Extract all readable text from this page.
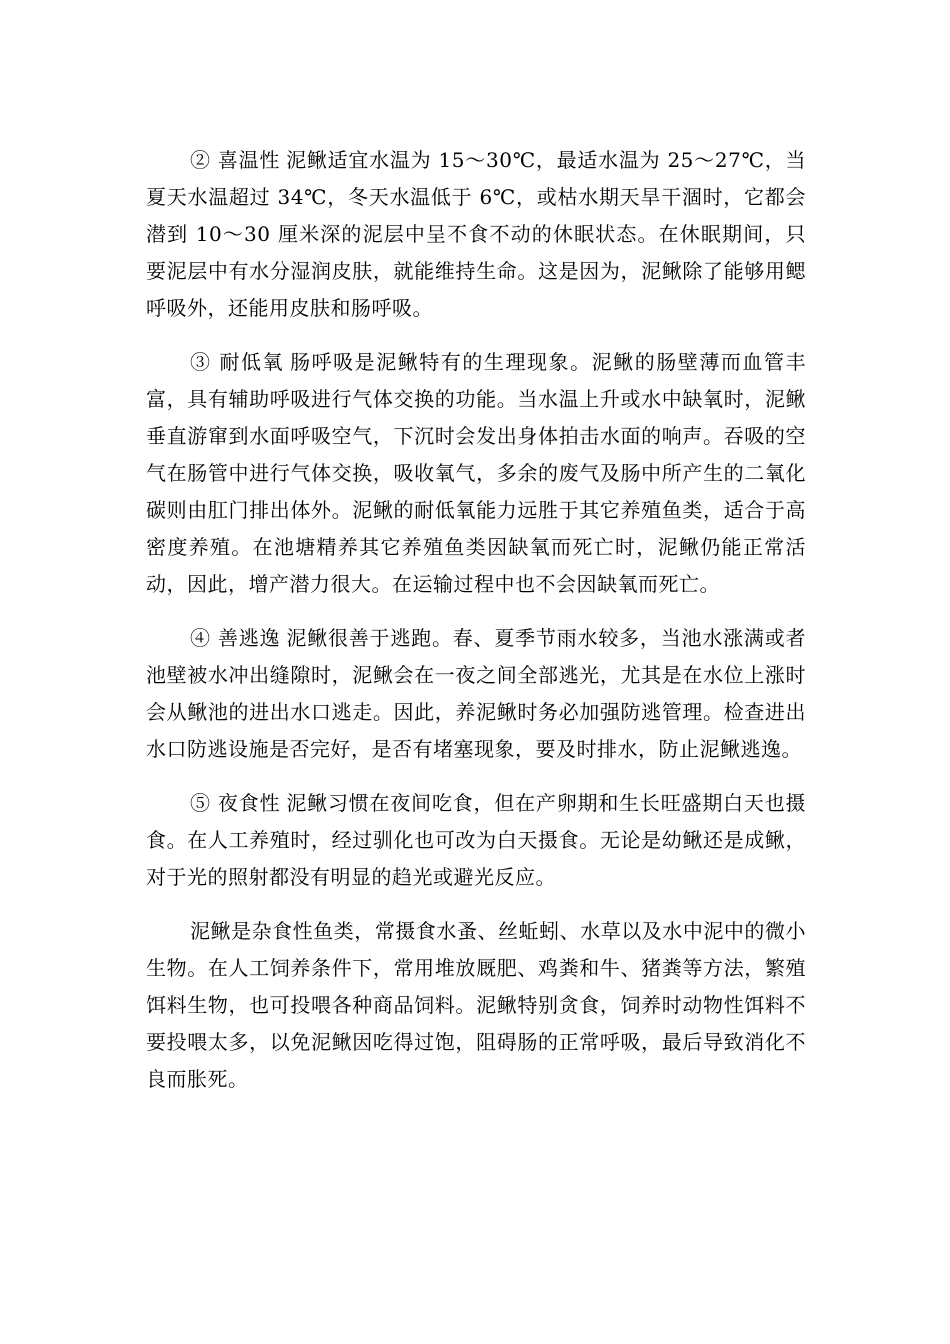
② 喜温性 泥鳅适宜水温为 15～30℃，最适水温为 25～27℃，当夏天水温超过 34℃，冬天水温低于 6℃，或枯水期天旱干涸时，它都会潜到 10～30 厘米深的泥层中呈不食不动的休眠状态。在休眠期间，只要泥层中有水分湿润皮肤，就能维持生命。这是因为，泥鳅除了能够用鳃呼吸外，还能用皮肤和肠呼吸。

③ 耐低氧 肠呼吸是泥鳅特有的生理现象。泥鳅的肠壁薄而血管丰富，具有辅助呼吸进行气体交换的功能。当水温上升或水中缺氧时，泥鳅垂直游窜到水面呼吸空气，下沉时会发出身体拍击水面的响声。吞吸的空气在肠管中进行气体交换，吸收氧气，多余的废气及肠中所产生的二氧化碳则由肛门排出体外。泥鳅的耐低氧能力远胜于其它养殖鱼类，适合于高密度养殖。在池塘精养其它养殖鱼类因缺氧而死亡时，泥鳅仍能正常活动，因此，增产潜力很大。在运输过程中也不会因缺氧而死亡。

④ 善逃逸 泥鳅很善于逃跑。春、夏季节雨水较多，当池水涨满或者池壁被水冲出缝隙时，泥鳅会在一夜之间全部逃光，尤其是在水位上涨时会从鳅池的进出水口逃走。因此，养泥鳅时务必加强防逃管理。检查进出水口防逃设施是否完好，是否有堵塞现象，要及时排水，防止泥鳅逃逸。

⑤ 夜食性 泥鳅习惯在夜间吃食，但在产卵期和生长旺盛期白天也摄食。在人工养殖时，经过驯化也可改为白天摄食。无论是幼鳅还是成鳅，对于光的照射都没有明显的趋光或避光反应。

泥鳅是杂食性鱼类，常摄食水蚤、丝蚯蚓、水草以及水中泥中的微小生物。在人工饲养条件下，常用堆放厩肥、鸡粪和牛、猪粪等方法，繁殖饵料生物，也可投喂各种商品饲料。泥鳅特别贪食，饲养时动物性饵料不要投喂太多，以免泥鳅因吃得过饱，阻碍肠的正常呼吸，最后导致消化不良而胀死。
